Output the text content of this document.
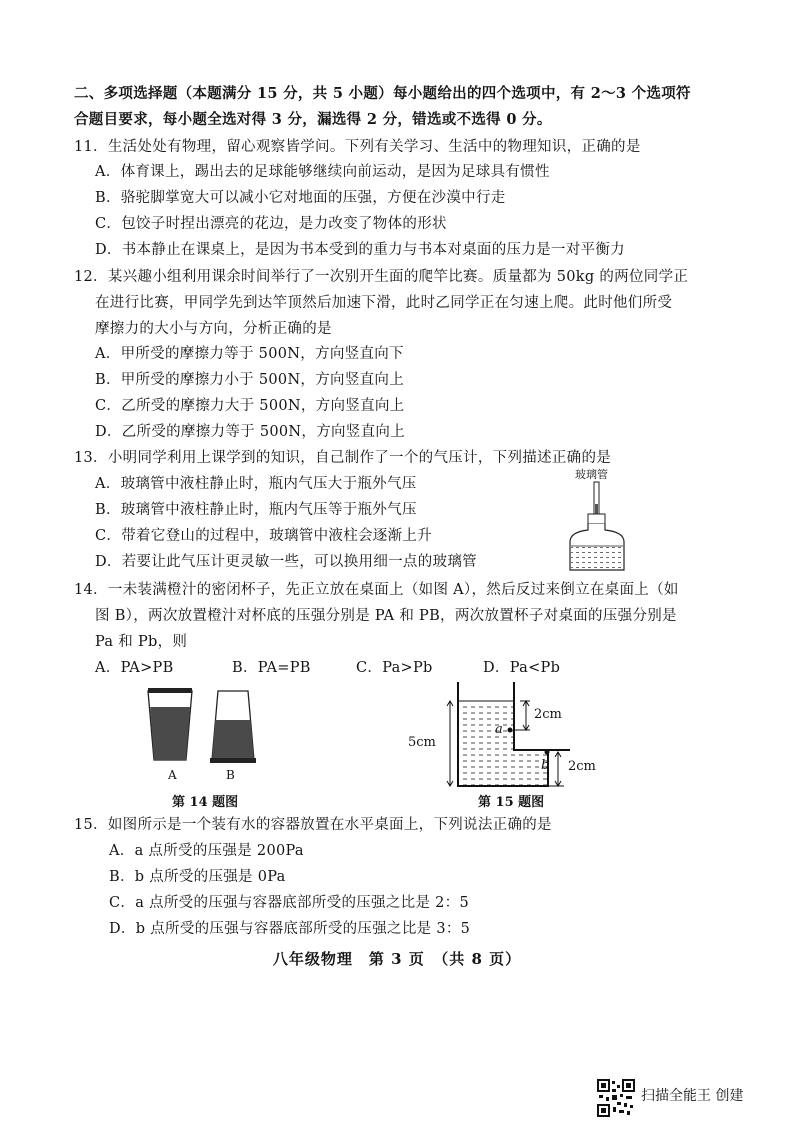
二、多项选择题（本题满分 15 分，共 5 小题）每小题给出的四个选项中，有 2～3 个选项符
合题目要求，每小题全选对得 3 分，漏选得 2 分，错选或不选得 0 分。
11．生活处处有物理，留心观察皆学问。下列有关学习、生活中的物理知识，正确的是
A．体育课上，踢出去的足球能够继续向前运动，是因为足球具有惯性
B．骆驼脚掌宽大可以减小它对地面的压强，方便在沙漠中行走
C．包饺子时捏出漂亮的花边，是力改变了物体的形状
D．书本静止在课桌上，是因为书本受到的重力与书本对桌面的压力是一对平衡力
12．某兴趣小组利用课余时间举行了一次别开生面的爬竿比赛。质量都为 50kg 的两位同学正
在进行比赛，甲同学先到达竿顶然后加速下滑，此时乙同学正在匀速上爬。此时他们所受
摩擦力的大小与方向，分析正确的是
A．甲所受的摩擦力等于 500N，方向竖直向下
B．甲所受的摩擦力小于 500N，方向竖直向上
C．乙所受的摩擦力大于 500N，方向竖直向上
D．乙所受的摩擦力等于 500N，方向竖直向上
13．小明同学利用上课学到的知识，自己制作了一个的气压计，下列描述正确的是
A．玻璃管中液柱静止时，瓶内气压大于瓶外气压
B．玻璃管中液柱静止时，瓶内气压等于瓶外气压
C．带着它登山的过程中，玻璃管中液柱会逐渐上升
D．若要让此气压计更灵敏一些，可以换用细一点的玻璃管
玻璃管
14．一未装满橙汁的密闭杯子，先正立放在桌面上（如图 A），然后反过来倒立在桌面上（如
图 B），两次放置橙汁对杯底的压强分别是 PA 和 PB，两次放置杯子对桌面的压强分别是
Pa 和 Pb，则
A．PA>PB	B．PA=PB	C．Pa>Pb	D．Pa<Pb
A	B
第 14 题图
2cm
5cm
2cm
a
b
第 15 题图
15．如图所示是一个装有水的容器放置在水平桌面上，下列说法正确的是
A．a 点所受的压强是 200Pa
B．b 点所受的压强是 0Pa
C．a 点所受的压强与容器底部所受的压强之比是 2：5
D．b 点所受的压强与容器底部所受的压强之比是 3：5
八年级物理　第 3 页　（共 8 页）
扫描全能王 创建
